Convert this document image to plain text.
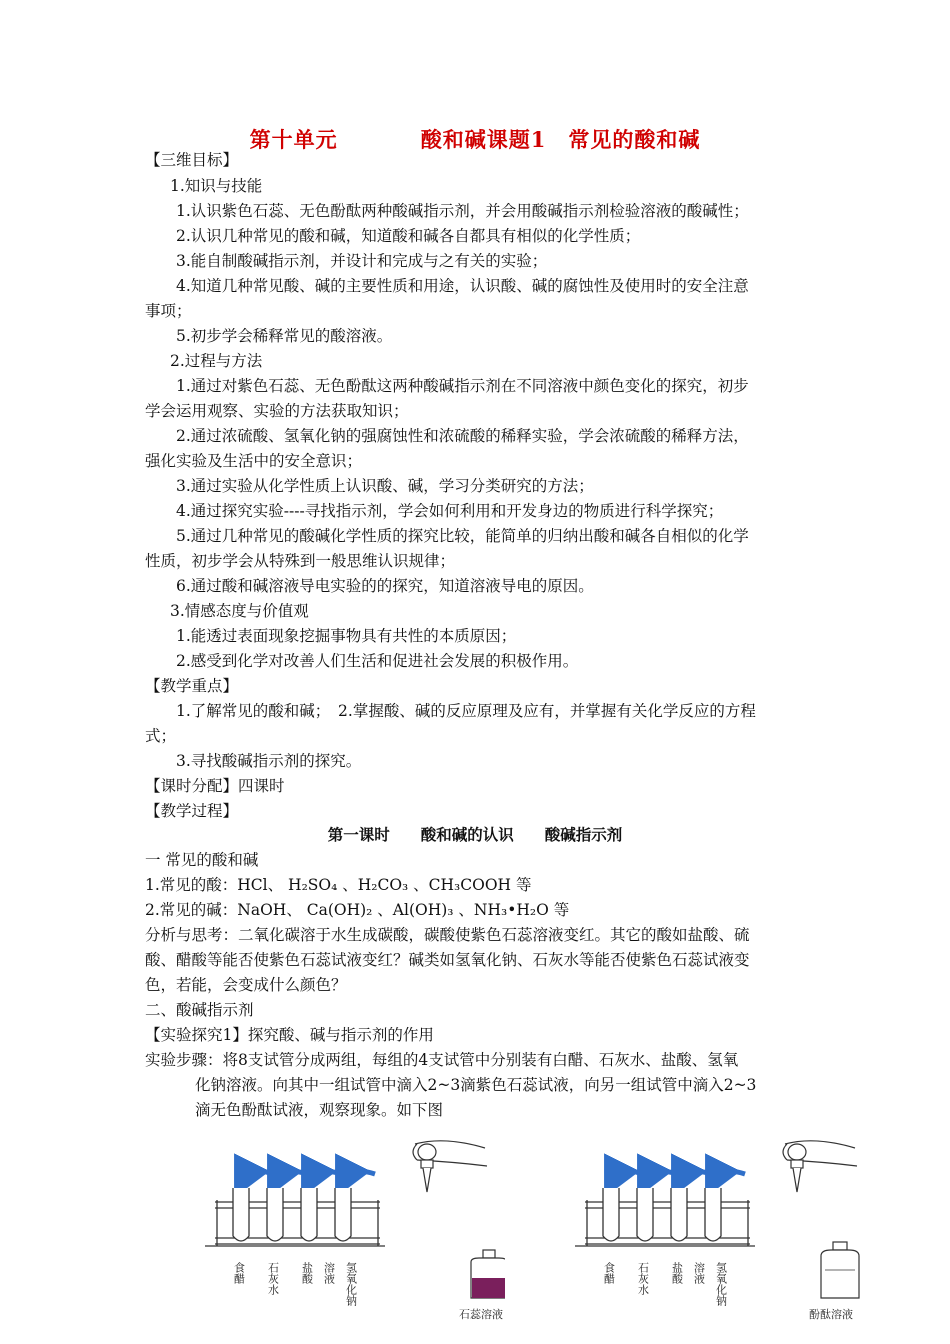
第十单元	酸和碱课题1　常见的酸和碱
【三维目标】
1.知识与技能
1.认识紫色石蕊、无色酚酞两种酸碱指示剂，并会用酸碱指示剂检验溶液的酸碱性；
2.认识几种常见的酸和碱，知道酸和碱各自都具有相似的化学性质；
3.能自制酸碱指示剂，并设计和完成与之有关的实验；
4.知道几种常见酸、碱的主要性质和用途，认识酸、碱的腐蚀性及使用时的安全注意
事项；
5.初步学会稀释常见的酸溶液。
2.过程与方法
1.通过对紫色石蕊、无色酚酞这两种酸碱指示剂在不同溶液中颜色变化的探究，初步
学会运用观察、实验的方法获取知识；
2.通过浓硫酸、氢氧化钠的强腐蚀性和浓硫酸的稀释实验，学会浓硫酸的稀释方法，
强化实验及生活中的安全意识；
3.通过实验从化学性质上认识酸、碱，学习分类研究的方法；
4.通过探究实验----寻找指示剂，学会如何利用和开发身边的物质进行科学探究；
5.通过几种常见的酸碱化学性质的探究比较，能简单的归纳出酸和碱各自相似的化学
性质，初步学会从特殊到一般思维认识规律；
6.通过酸和碱溶液导电实验的的探究，知道溶液导电的原因。
3.情感态度与价值观
1.能透过表面现象挖掘事物具有共性的本质原因；
2.感受到化学对改善人们生活和促进社会发展的积极作用。
【教学重点】
1.了解常见的酸和碱；　2.掌握酸、碱的反应原理及应有，并掌握有关化学反应的方程
式；
3.寻找酸碱指示剂的探究。
【课时分配】四课时
【教学过程】
第一课时　　酸和碱的认识　　酸碱指示剂
一 常见的酸和碱
1.常见的酸：HCl、 H₂SO₄ 、H₂CO₃ 、CH₃COOH 等
2.常见的碱：NaOH、 Ca(OH)₂ 、Al(OH)₃ 、NH₃•H₂O 等
分析与思考：二氧化碳溶于水生成碳酸，碳酸使紫色石蕊溶液变红。其它的酸如盐酸、硫
酸、醋酸等能否使紫色石蕊试液变红？碱类如氢氧化钠、石灰水等能否使紫色石蕊试液变
色，若能，会变成什么颜色？
二、酸碱指示剂
【实验探究1】探究酸、碱与指示剂的作用
实验步骤：将8支试管分成两组，每组的4支试管中分别装有白醋、石灰水、盐酸、氢氧
化钠溶液。向其中一组试管中滴入2~3滴紫色石蕊试液，向另一组试管中滴入2~3
滴无色酚酞试液，观察现象。如下图
石蕊溶液
食醋 石灰水 盐酸 溶液 氢氧化钠
酚酞溶液
食醋 石灰水 盐酸 溶液 氢氧化钠
